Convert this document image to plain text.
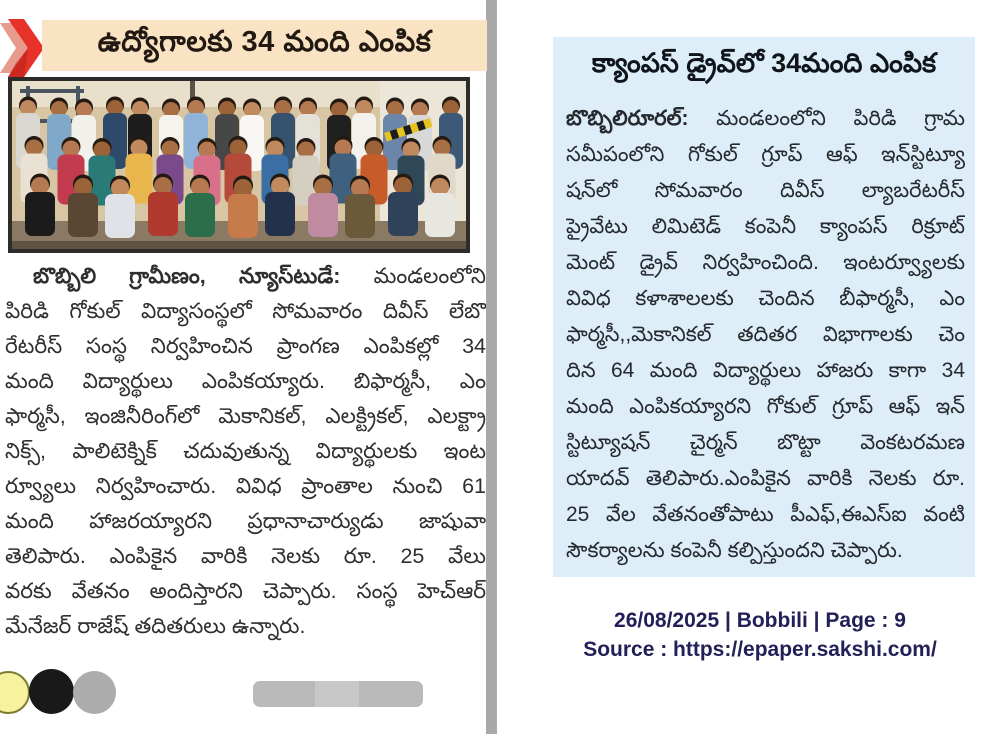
ఉద్యోగాలకు 34 మంది ఎంపిక
బొబ్బిలి గ్రామీణం, న్యూస్‌టుడే: మండలంలోని
పిరిడి గోకుల్ విద్యాసంస్థలో సోమవారం దివీస్ లేబొ
రేటరీస్ సంస్థ నిర్వహించిన ప్రాంగణ ఎంపికల్లో 34
మంది విద్యార్థులు ఎంపికయ్యారు. బిఫార్మసీ, ఎం
ఫార్మసీ, ఇంజినీరింగ్‌లో మెకానికల్, ఎలక్ట్రికల్, ఎలక్ట్రా
నిక్స్, పాలిటెక్నిక్ చదువుతున్న విద్యార్థులకు ఇంట
ర్వ్యూలు నిర్వహించారు. వివిధ ప్రాంతాల నుంచి 61
మంది హాజరయ్యారని ప్రధానాచార్యుడు జాషువా
తెలిపారు. ఎంపికైన వారికి నెలకు రూ. 25 వేలు
వరకు వేతనం అందిస్తారని చెప్పారు. సంస్థ హెచ్‌ఆర్
మేనేజర్ రాజేష్ తదితరులు ఉన్నారు.
క్యాంపస్ డ్రైవ్‌లో 34మంది ఎంపిక
బొబ్బిలిరూరల్: మండలంలోని పిరిడి గ్రామ
సమీపంలోని గోకుల్ గ్రూప్ ఆఫ్ ఇన్‌స్టిట్యూ
షన్‌లో సోమవారం దివీస్ ల్యాబరేటరీస్
ప్రైవేటు లిమిటెడ్ కంపెనీ క్యాంపస్ రిక్రూట్
మెంట్ డ్రైవ్ నిర్వహించింది. ఇంటర్వ్యూలకు
వివిధ కళాశాలలకు చెందిన బీఫార్మసీ, ఎం
ఫార్మసీ,,మెకానికల్ తదితర విభాగాలకు చెం
దిన 64 మంది విద్యార్థులు హాజరు కాగా 34
మంది ఎంపికయ్యారని గోకుల్ గ్రూప్ ఆఫ్ ఇన్
స్టిట్యూషన్ చైర్మన్ బొట్టా వెంకటరమణ
యాదవ్ తెలిపారు.ఎంపికైన వారికి నెలకు రూ.
25 వేల వేతనంతోపాటు పీఎఫ్,ఈఎస్ఐ వంటి
సౌకర్యాలను కంపెనీ కల్పిస్తుందని చెప్పారు.
26/08/2025 | Bobbili | Page : 9
Source : https://epaper.sakshi.com/
